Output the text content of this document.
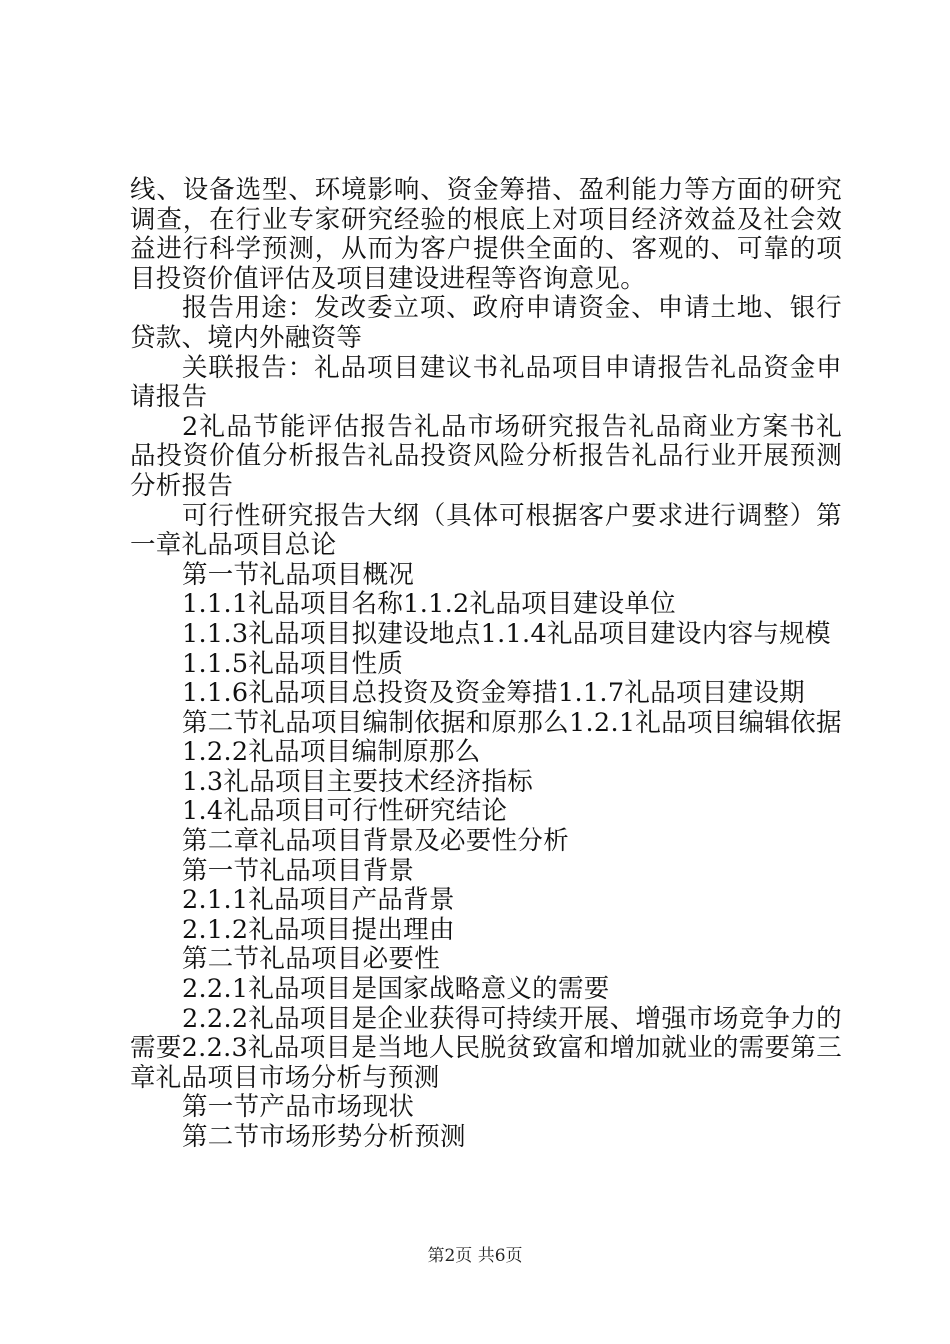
线、设备选型、环境影响、资金筹措、盈利能力等方面的研究调查，在行业专家研究经验的根底上对项目经济效益及社会效益进行科学预测，从而为客户提供全面的、客观的、可靠的项目投资价值评估及项目建设进程等咨询意见。

报告用途：发改委立项、政府申请资金、申请土地、银行贷款、境内外融资等

关联报告：礼品项目建议书礼品项目申请报告礼品资金申请报告

2礼品节能评估报告礼品市场研究报告礼品商业方案书礼品投资价值分析报告礼品投资风险分析报告礼品行业开展预测分析报告

可行性研究报告大纲（具体可根据客户要求进行调整）第一章礼品项目总论

第一节礼品项目概况

1.1.1礼品项目名称1.1.2礼品项目建设单位

1.1.3礼品项目拟建设地点1.1.4礼品项目建设内容与规模

1.1.5礼品项目性质

1.1.6礼品项目总投资及资金筹措1.1.7礼品项目建设期

第二节礼品项目编制依据和原那么1.2.1礼品项目编辑依据

1.2.2礼品项目编制原那么

1.3礼品项目主要技术经济指标

1.4礼品项目可行性研究结论

第二章礼品项目背景及必要性分析

第一节礼品项目背景

2.1.1礼品项目产品背景

2.1.2礼品项目提出理由

第二节礼品项目必要性

2.2.1礼品项目是国家战略意义的需要

2.2.2礼品项目是企业获得可持续开展、增强市场竞争力的需要2.2.3礼品项目是当地人民脱贫致富和增加就业的需要第三章礼品项目市场分析与预测

第一节产品市场现状

第二节市场形势分析预测

第2页 共6页
